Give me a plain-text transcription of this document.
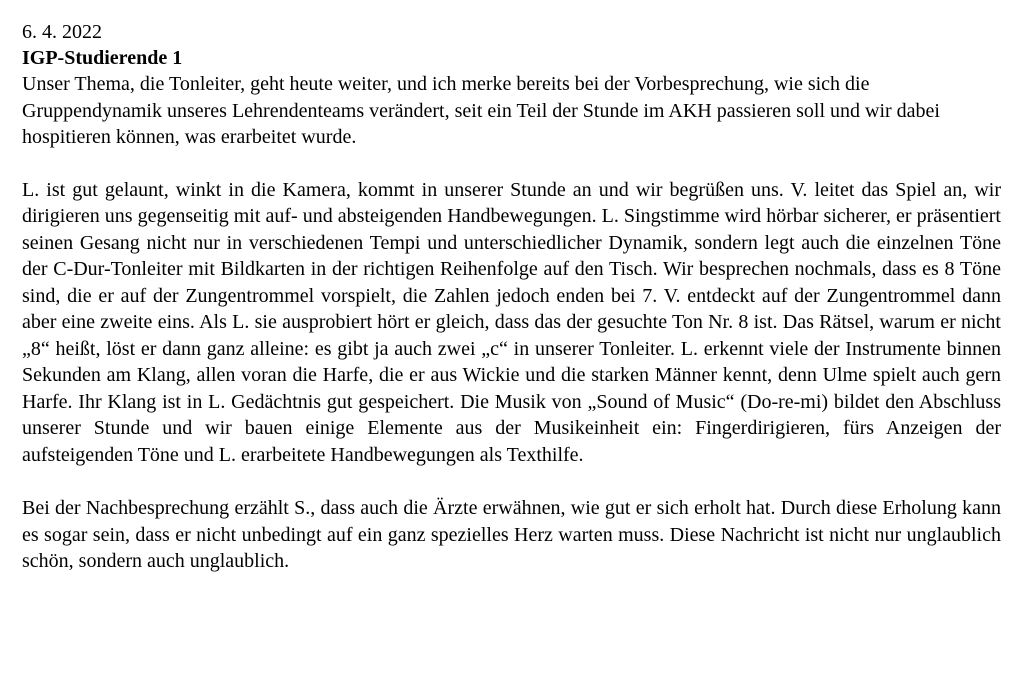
6. 4. 2022

IGP-Studierende 1

Unser Thema, die Tonleiter, geht heute weiter, und ich merke bereits bei der Vorbesprechung, wie sich die Gruppendynamik unseres Lehrendenteams verändert, seit ein Teil der Stunde im AKH passieren soll und wir dabei hospitieren können, was erarbeitet wurde.

L. ist gut gelaunt, winkt in die Kamera, kommt in unserer Stunde an und wir begrüßen uns. V. leitet das Spiel an, wir dirigieren uns gegenseitig mit auf- und absteigenden Handbewegungen. L. Singstimme wird hörbar sicherer, er präsentiert seinen Gesang nicht nur in verschiedenen Tempi und unterschiedlicher Dynamik, sondern legt auch die einzelnen Töne der C-Dur-Tonleiter mit Bildkarten in der richtigen Reihenfolge auf den Tisch. Wir besprechen nochmals, dass es 8 Töne sind, die er auf der Zungentrommel vorspielt, die Zahlen jedoch enden bei 7. V. entdeckt auf der Zungentrommel dann aber eine zweite eins. Als L. sie ausprobiert hört er gleich, dass das der gesuchte Ton Nr. 8 ist. Das Rätsel, warum er nicht „8“ heißt, löst er dann ganz alleine: es gibt ja auch zwei „c“ in unserer Tonleiter. L. erkennt viele der Instrumente binnen Sekunden am Klang, allen voran die Harfe, die er aus Wickie und die starken Männer kennt, denn Ulme spielt auch gern Harfe. Ihr Klang ist in L. Gedächtnis gut gespeichert. Die Musik von „Sound of Music“ (Do-re-mi) bildet den Abschluss unserer Stunde und wir bauen einige Elemente aus der Musikeinheit ein: Fingerdirigieren, fürs Anzeigen der aufsteigenden Töne und L. erarbeitete Handbewegungen als Texthilfe.

Bei der Nachbesprechung erzählt S., dass auch die Ärzte erwähnen, wie gut er sich erholt hat. Durch diese Erholung kann es sogar sein, dass er nicht unbedingt auf ein ganz spezielles Herz warten muss. Diese Nachricht ist nicht nur unglaublich schön, sondern auch unglaublich.
